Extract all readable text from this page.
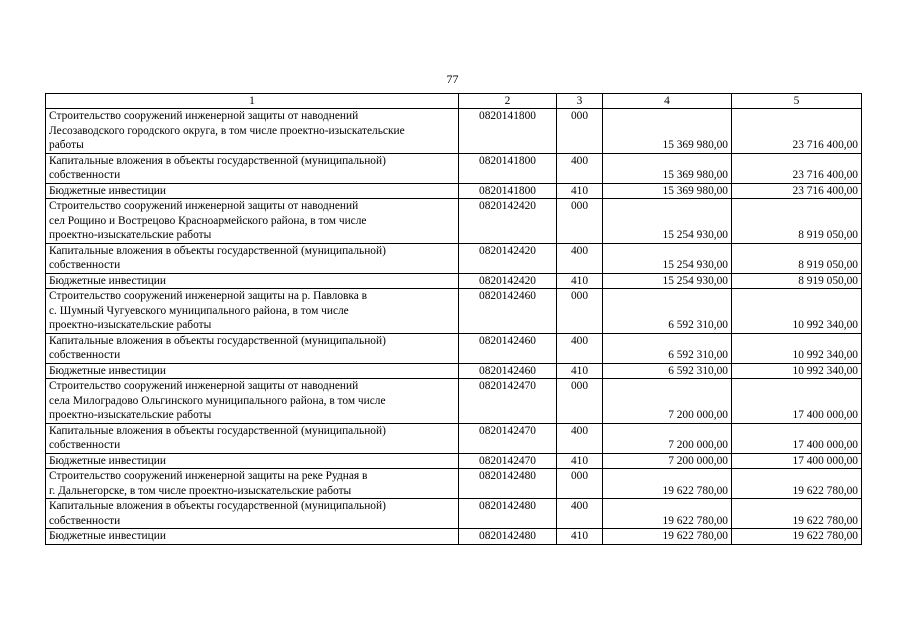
77
1	2	3	4	5

Строительство сооружений инженерной защиты от наводнений
Лесозаводского городского округа, в том числе проектно-изыскательские
работы	0820141800	000	15 369 980,00	23 716 400,00

Капитальные вложения в объекты государственной (муниципальной)
собственности	0820141800	400	15 369 980,00	23 716 400,00

Бюджетные инвестиции	0820141800	410	15 369 980,00	23 716 400,00

Строительство сооружений инженерной защиты от наводнений
сел Рощино и Вострецово Красноармейского района, в том числе
проектно-изыскательские работы	0820142420	000	15 254 930,00	8 919 050,00

Капитальные вложения в объекты государственной (муниципальной)
собственности	0820142420	400	15 254 930,00	8 919 050,00

Бюджетные инвестиции	0820142420	410	15 254 930,00	8 919 050,00

Строительство сооружений инженерной защиты на р. Павловка в
с. Шумный Чугуевского муниципального района, в том числе
проектно-изыскательские работы	0820142460	000	6 592 310,00	10 992 340,00

Капитальные вложения в объекты государственной (муниципальной)
собственности	0820142460	400	6 592 310,00	10 992 340,00

Бюджетные инвестиции	0820142460	410	6 592 310,00	10 992 340,00

Строительство сооружений инженерной защиты от наводнений
села Милоградово Ольгинского муниципального района, в том числе
проектно-изыскательские работы	0820142470	000	7 200 000,00	17 400 000,00

Капитальные вложения в объекты государственной (муниципальной)
собственности	0820142470	400	7 200 000,00	17 400 000,00

Бюджетные инвестиции	0820142470	410	7 200 000,00	17 400 000,00

Строительство сооружений инженерной защиты на реке Рудная в
г. Дальнегорске, в том числе проектно-изыскательские работы	0820142480	000	19 622 780,00	19 622 780,00

Капитальные вложения в объекты государственной (муниципальной)
собственности	0820142480	400	19 622 780,00	19 622 780,00

Бюджетные инвестиции	0820142480	410	19 622 780,00	19 622 780,00
